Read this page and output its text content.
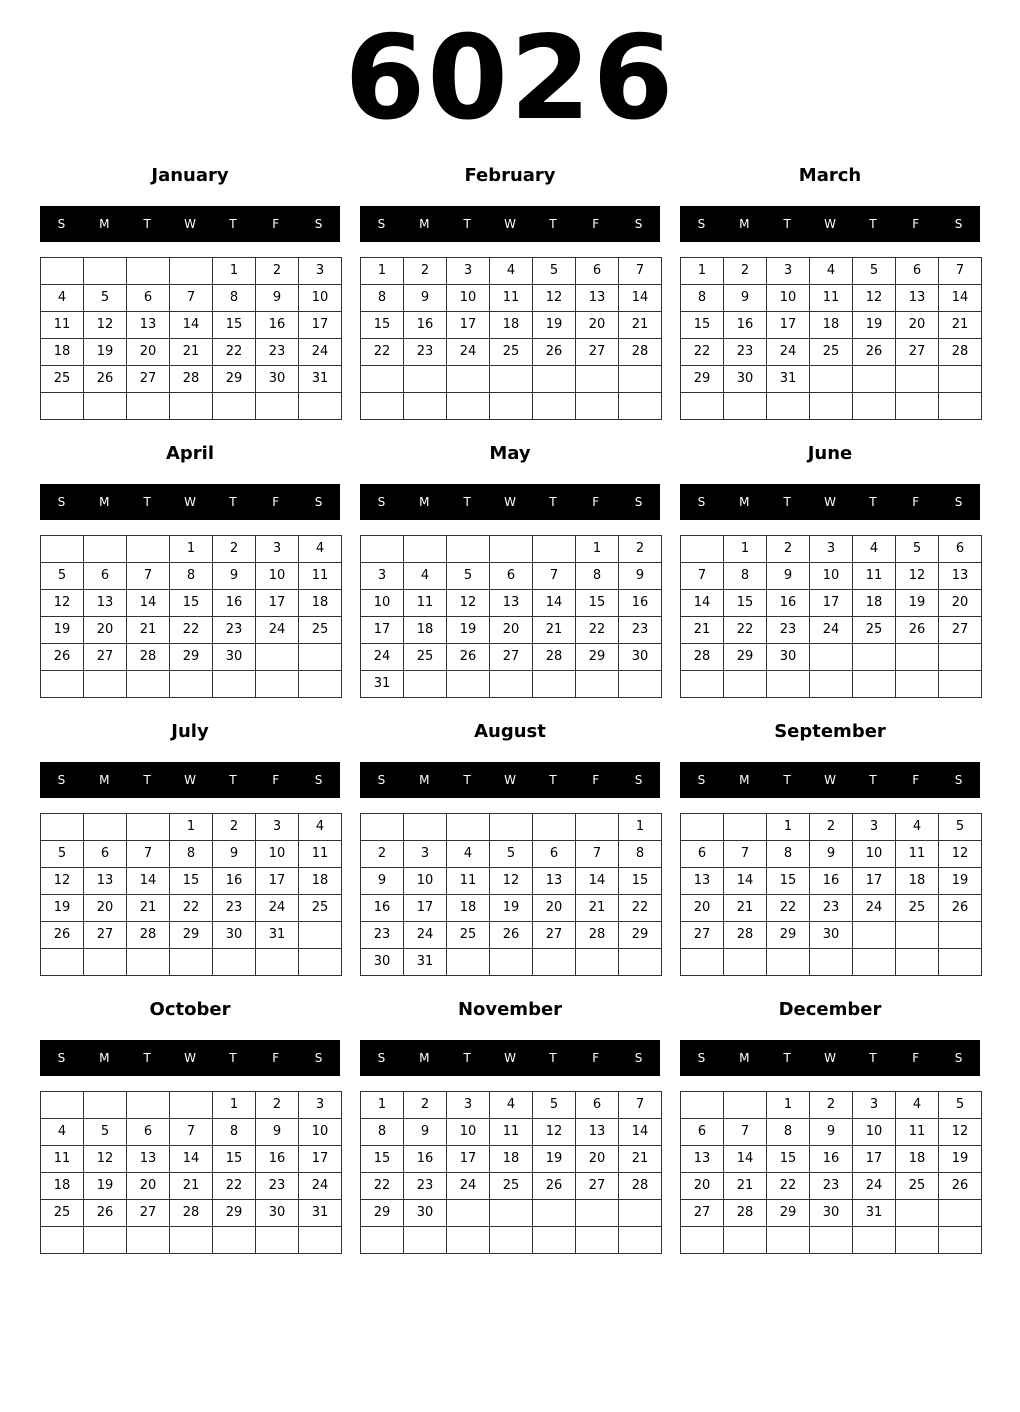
6026
January
S	M	T	W	T	F	S
				1	2	3
4	5	6	7	8	9	10
11	12	13	14	15	16	17
18	19	20	21	22	23	24
25	26	27	28	29	30	31

February
S	M	T	W	T	F	S
1	2	3	4	5	6	7
8	9	10	11	12	13	14
15	16	17	18	19	20	21
22	23	24	25	26	27	28

March
S	M	T	W	T	F	S
1	2	3	4	5	6	7
8	9	10	11	12	13	14
15	16	17	18	19	20	21
22	23	24	25	26	27	28
29	30	31				

April
S	M	T	W	T	F	S
			1	2	3	4
5	6	7	8	9	10	11
12	13	14	15	16	17	18
19	20	21	22	23	24	25
26	27	28	29	30		

May
S	M	T	W	T	F	S
					1	2
3	4	5	6	7	8	9
10	11	12	13	14	15	16
17	18	19	20	21	22	23
24	25	26	27	28	29	30
31						
June
S	M	T	W	T	F	S
	1	2	3	4	5	6
7	8	9	10	11	12	13
14	15	16	17	18	19	20
21	22	23	24	25	26	27
28	29	30				

July
S	M	T	W	T	F	S
			1	2	3	4
5	6	7	8	9	10	11
12	13	14	15	16	17	18
19	20	21	22	23	24	25
26	27	28	29	30	31	

August
S	M	T	W	T	F	S
						1
2	3	4	5	6	7	8
9	10	11	12	13	14	15
16	17	18	19	20	21	22
23	24	25	26	27	28	29
30	31					
September
S	M	T	W	T	F	S
		1	2	3	4	5
6	7	8	9	10	11	12
13	14	15	16	17	18	19
20	21	22	23	24	25	26
27	28	29	30			

October
S	M	T	W	T	F	S
				1	2	3
4	5	6	7	8	9	10
11	12	13	14	15	16	17
18	19	20	21	22	23	24
25	26	27	28	29	30	31

November
S	M	T	W	T	F	S
1	2	3	4	5	6	7
8	9	10	11	12	13	14
15	16	17	18	19	20	21
22	23	24	25	26	27	28
29	30					

December
S	M	T	W	T	F	S
		1	2	3	4	5
6	7	8	9	10	11	12
13	14	15	16	17	18	19
20	21	22	23	24	25	26
27	28	29	30	31		
